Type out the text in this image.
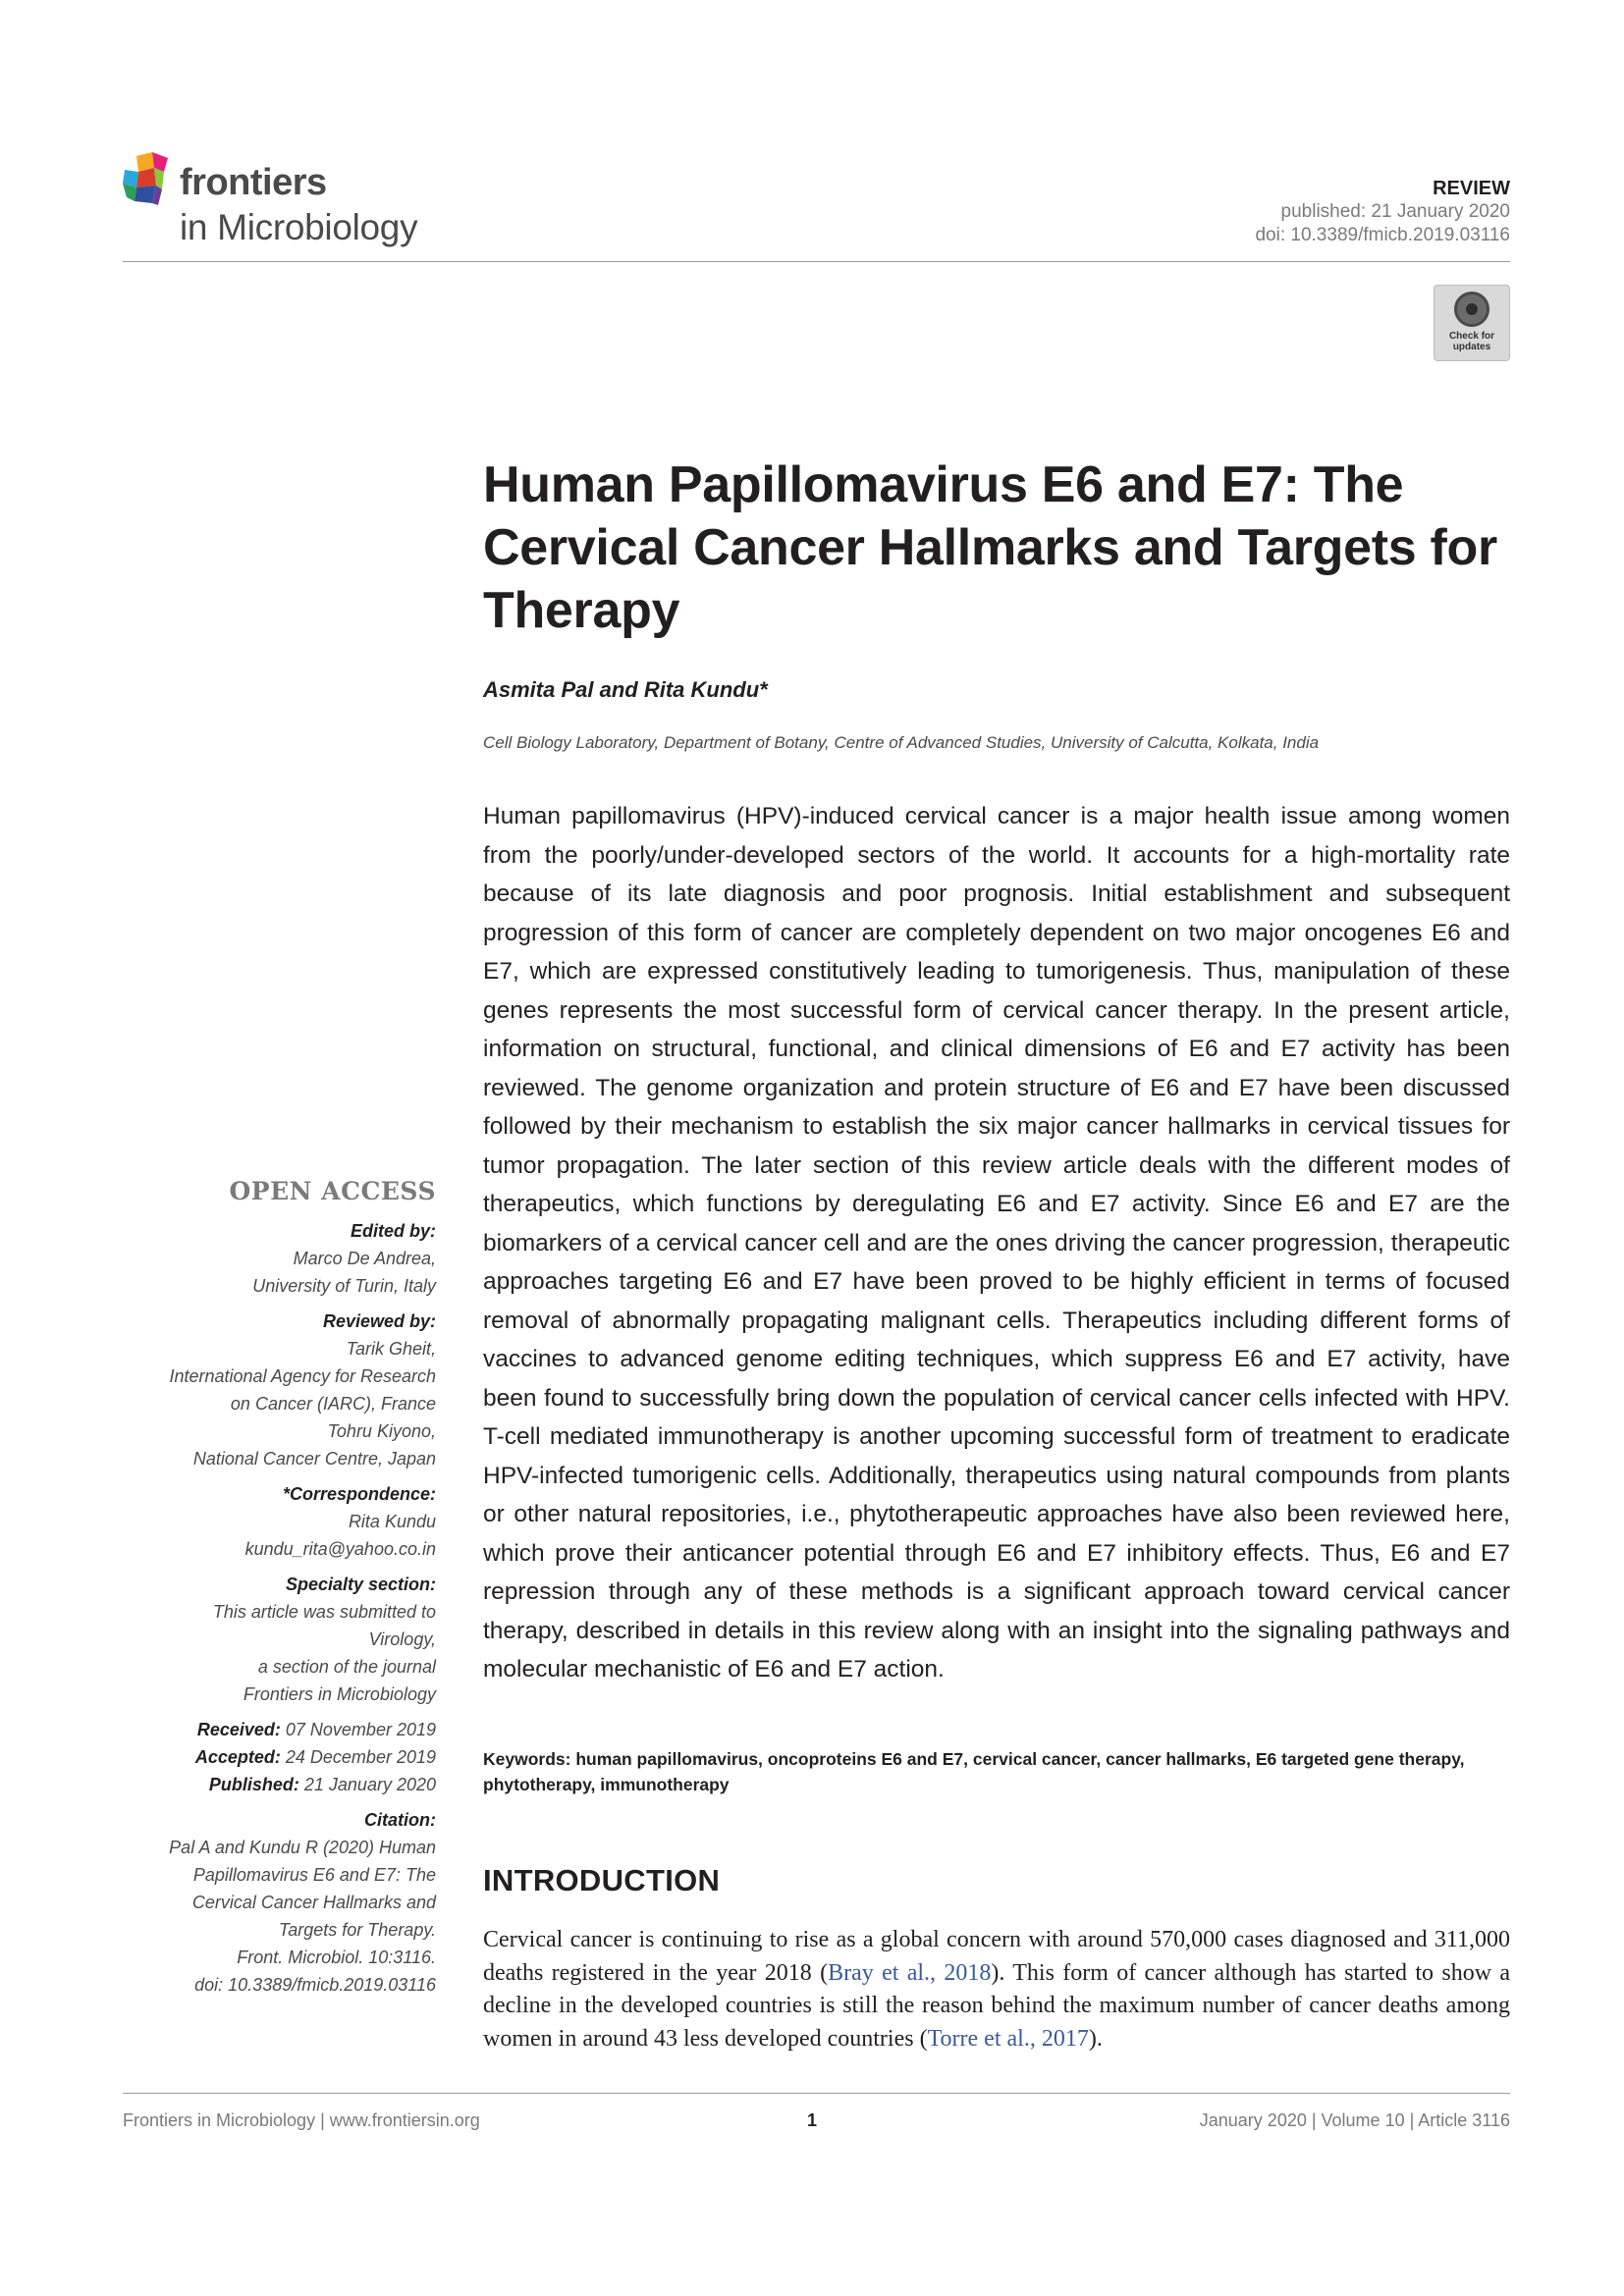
frontiers
in Microbiology
REVIEW
published: 21 January 2020
doi: 10.3389/fmicb.2019.03116
Check for updates
Human Papillomavirus E6 and E7: The Cervical Cancer Hallmarks and Targets for Therapy
Asmita Pal and Rita Kundu*
Cell Biology Laboratory, Department of Botany, Centre of Advanced Studies, University of Calcutta, Kolkata, India

Human papillomavirus (HPV)-induced cervical cancer is a major health issue among women from the poorly/under-developed sectors of the world. It accounts for a high-mortality rate because of its late diagnosis and poor prognosis. Initial establishment and subsequent progression of this form of cancer are completely dependent on two major oncogenes E6 and E7, which are expressed constitutively leading to tumorigenesis. Thus, manipulation of these genes represents the most successful form of cervical cancer therapy. In the present article, information on structural, functional, and clinical dimensions of E6 and E7 activity has been reviewed. The genome organization and protein structure of E6 and E7 have been discussed followed by their mechanism to establish the six major cancer hallmarks in cervical tissues for tumor propagation. The later section of this review article deals with the different modes of therapeutics, which functions by deregulating E6 and E7 activity. Since E6 and E7 are the biomarkers of a cervical cancer cell and are the ones driving the cancer progression, therapeutic approaches targeting E6 and E7 have been proved to be highly efficient in terms of focused removal of abnormally propagating malignant cells. Therapeutics including different forms of vaccines to advanced genome editing techniques, which suppress E6 and E7 activity, have been found to successfully bring down the population of cervical cancer cells infected with HPV. T-cell mediated immunotherapy is another upcoming successful form of treatment to eradicate HPV-infected tumorigenic cells. Additionally, therapeutics using natural compounds from plants or other natural repositories, i.e., phytotherapeutic approaches have also been reviewed here, which prove their anticancer potential through E6 and E7 inhibitory effects. Thus, E6 and E7 repression through any of these methods is a significant approach toward cervical cancer therapy, described in details in this review along with an insight into the signaling pathways and molecular mechanistic of E6 and E7 action.

Keywords: human papillomavirus, oncoproteins E6 and E7, cervical cancer, cancer hallmarks, E6 targeted gene therapy, phytotherapy, immunotherapy

INTRODUCTION

Cervical cancer is continuing to rise as a global concern with around 570,000 cases diagnosed and 311,000 deaths registered in the year 2018 (Bray et al., 2018). This form of cancer although has started to show a decline in the developed countries is still the reason behind the maximum number of cancer deaths among women in around 43 less developed countries (Torre et al., 2017).

OPEN ACCESS
Edited by:
Marco De Andrea,
University of Turin, Italy
Reviewed by:
Tarik Gheit,
International Agency for Research
on Cancer (IARC), France
Tohru Kiyono,
National Cancer Centre, Japan
*Correspondence:
Rita Kundu
kundu_rita@yahoo.co.in
Specialty section:
This article was submitted to
Virology,
a section of the journal
Frontiers in Microbiology
Received: 07 November 2019
Accepted: 24 December 2019
Published: 21 January 2020
Citation:
Pal A and Kundu R (2020) Human
Papillomavirus E6 and E7: The
Cervical Cancer Hallmarks and
Targets for Therapy.
Front. Microbiol. 10:3116.
doi: 10.3389/fmicb.2019.03116
Frontiers in Microbiology | www.frontiersin.org	1	January 2020 | Volume 10 | Article 3116
